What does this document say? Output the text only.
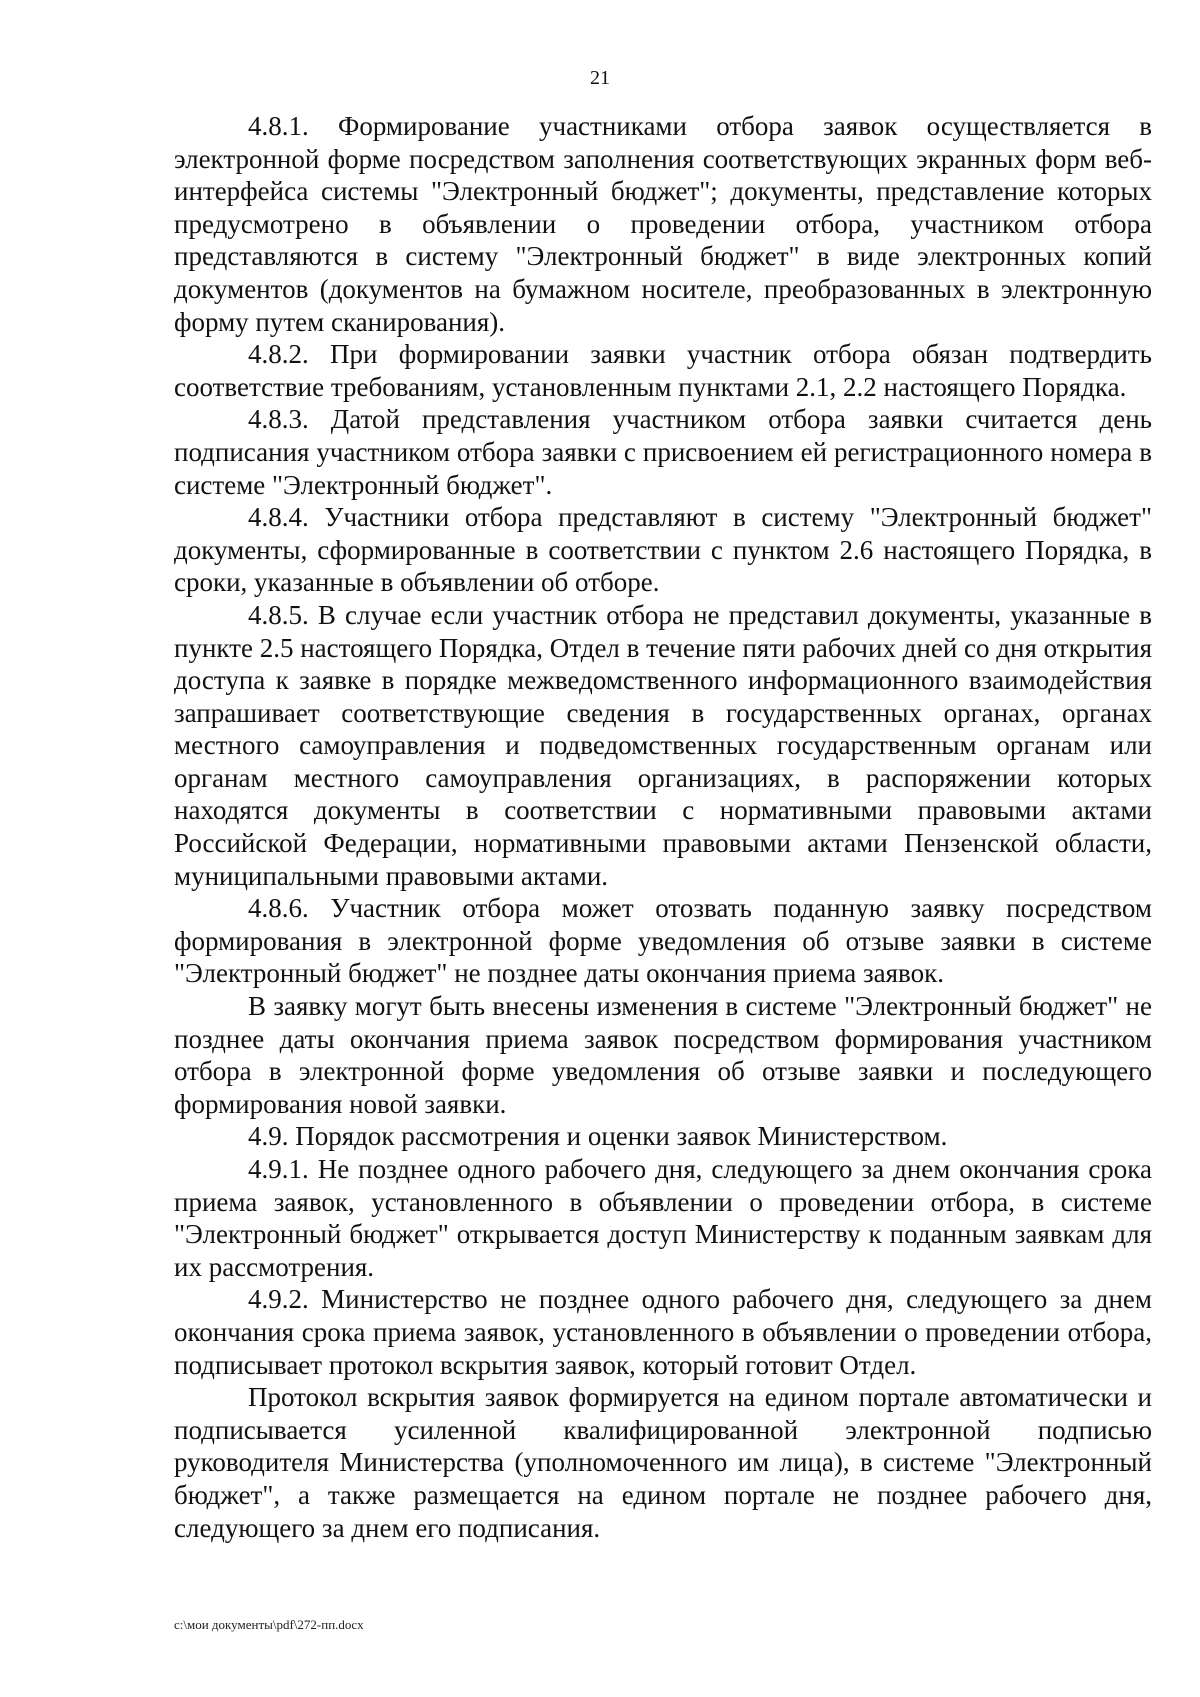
21

4.8.1. Формирование участниками отбора заявок осуществляется в электронной форме посредством заполнения соответствующих экранных форм веб-интерфейса системы "Электронный бюджет"; документы, представление которых предусмотрено в объявлении о проведении отбора, участником отбора представляются в систему "Электронный бюджет" в виде электронных копий документов (документов на бумажном носителе, преобразованных в электронную форму путем сканирования).

4.8.2. При формировании заявки участник отбора обязан подтвердить соответствие требованиям, установленным пунктами 2.1, 2.2 настоящего Порядка.

4.8.3. Датой представления участником отбора заявки считается день подписания участником отбора заявки с присвоением ей регистрационного номера в системе "Электронный бюджет".

4.8.4. Участники отбора представляют в систему "Электронный бюджет" документы, сформированные в соответствии с пунктом 2.6 настоящего Порядка, в сроки, указанные в объявлении об отборе.

4.8.5. В случае если участник отбора не представил документы, указанные в пункте 2.5 настоящего Порядка, Отдел в течение пяти рабочих дней со дня открытия доступа к заявке в порядке межведомственного информационного взаимодействия запрашивает соответствующие сведения в государственных органах, органах местного самоуправления и подведомственных государственным органам или органам местного самоуправления организациях, в распоряжении которых находятся документы в соответствии с нормативными правовыми актами Российской Федерации, нормативными правовыми актами Пензенской области, муниципальными правовыми актами.

4.8.6. Участник отбора может отозвать поданную заявку посредством формирования в электронной форме уведомления об отзыве заявки в системе "Электронный бюджет" не позднее даты окончания приема заявок.

В заявку могут быть внесены изменения в системе "Электронный бюджет" не позднее даты окончания приема заявок посредством формирования участником отбора в электронной форме уведомления об отзыве заявки и последующего формирования новой заявки.

4.9. Порядок рассмотрения и оценки заявок Министерством.

4.9.1. Не позднее одного рабочего дня, следующего за днем окончания срока приема заявок, установленного в объявлении о проведении отбора, в системе "Электронный бюджет" открывается доступ Министерству к поданным заявкам для их рассмотрения.

4.9.2. Министерство не позднее одного рабочего дня, следующего за днем окончания срока приема заявок, установленного в объявлении о проведении отбора, подписывает протокол вскрытия заявок, который готовит Отдел.

Протокол вскрытия заявок формируется на едином портале автоматически и подписывается усиленной квалифицированной электронной подписью руководителя Министерства (уполномоченного им лица), в системе "Электронный бюджет", а также размещается на едином портале не позднее рабочего дня, следующего за днем его подписания.

c:\мои документы\pdf\272-пп.docx
